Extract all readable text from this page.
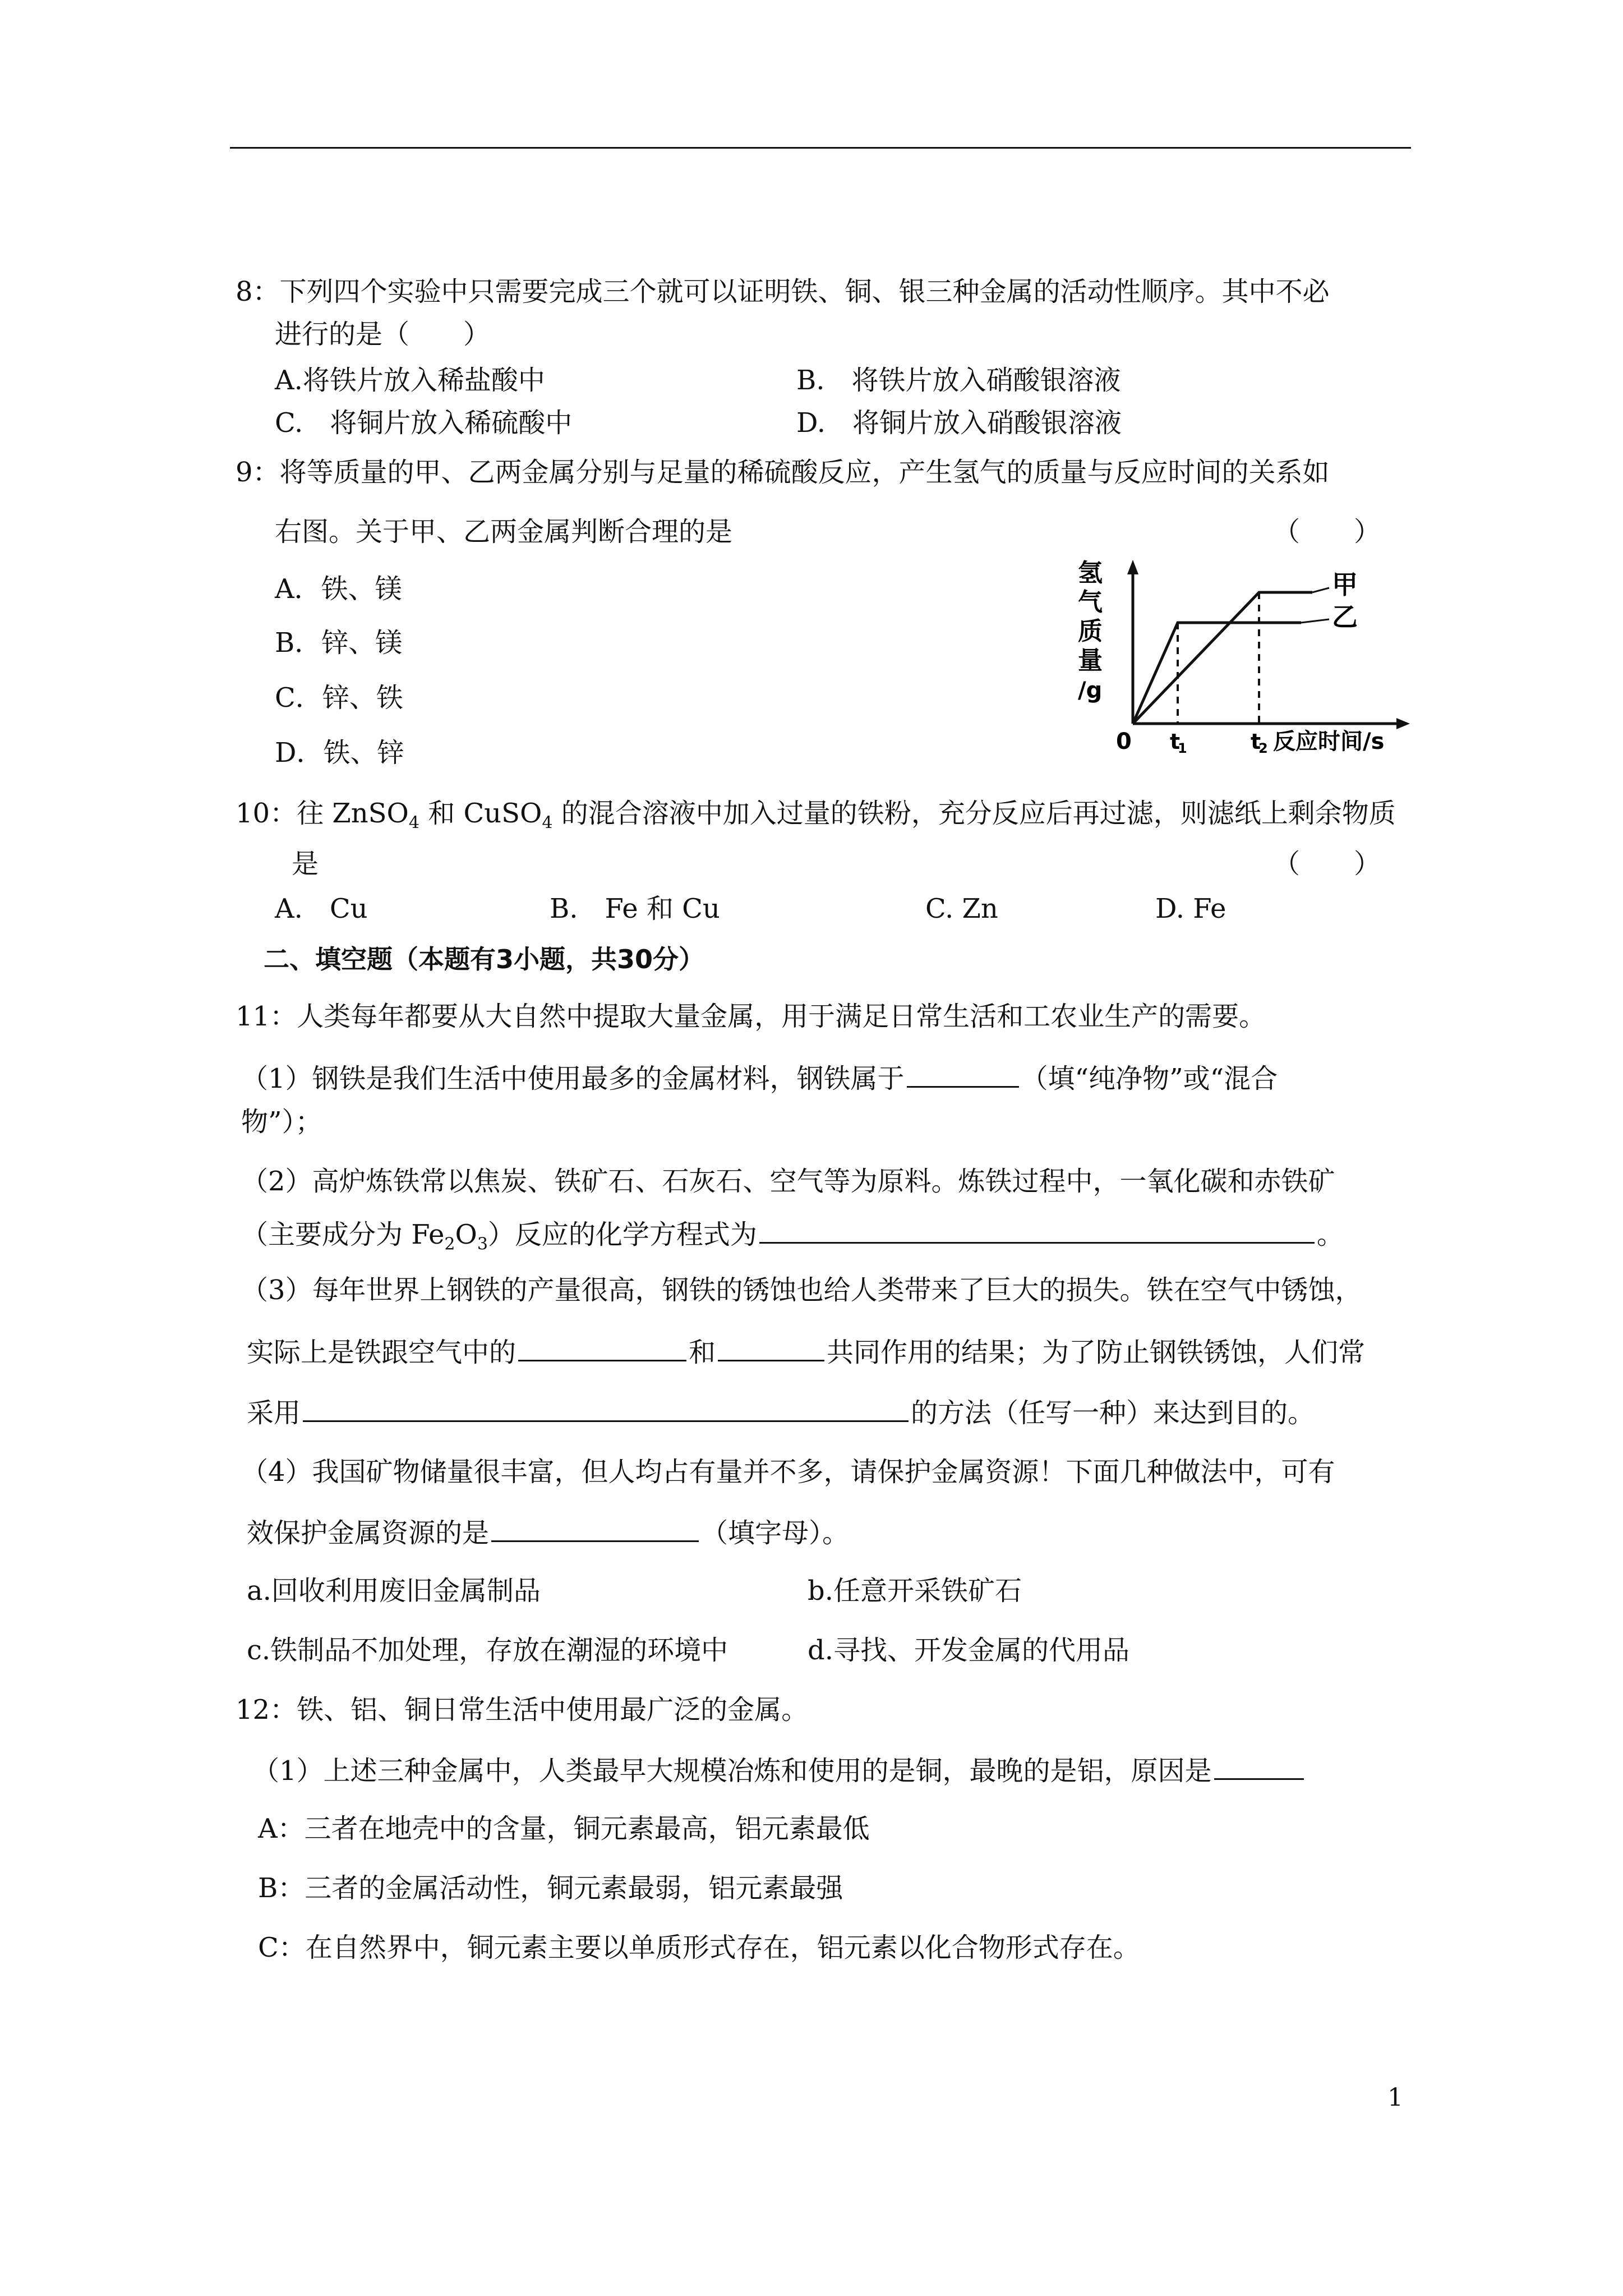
8：下列四个实验中只需要完成三个就可以证明铁、铜、银三种金属的活动性顺序。其中不必
进行的是（　　）
A.将铁片放入稀盐酸中	B.　将铁片放入硝酸银溶液
C.　将铜片放入稀硫酸中	D.　将铜片放入硝酸银溶液
9：将等质量的甲、乙两金属分别与足量的稀硫酸反应，产生氢气的质量与反应时间的关系如
右图。关于甲、乙两金属判断合理的是	（　　）
A．铁、镁
B．锌、镁
C．锌、铁
D．铁、锌
氢
气
质
量
/g
甲
乙
0 t
1	t
2 反应时间/s
10：往 ZnSO$_4$ 和 CuSO$_4$ 的混合溶液中加入过量的铁粉，充分反应后再过滤，则滤纸上剩余物质
是	（　　）
A.　Cu	B.　Fe 和 Cu	C. Zn	D. Fe
二、填空题（本题有3小题，共30分）
11：人类每年都要从大自然中提取大量金属，用于满足日常生活和工农业生产的需要。
（1）钢铁是我们生活中使用最多的金属材料，钢铁属于	（填“纯净物”或“混合
物”）；
（2）高炉炼铁常以焦炭、铁矿石、石灰石、空气等为原料。炼铁过程中，一氧化碳和赤铁矿
（主要成分为 $Fe_2O_3$）反应的化学方程式为	。
（3）每年世界上钢铁的产量很高，钢铁的锈蚀也给人类带来了巨大的损失。铁在空气中锈蚀，
实际上是铁跟空气中的	和	共同作用的结果；为了防止钢铁锈蚀，人们常
采用	的方法（任写一种）来达到目的。
（4）我国矿物储量很丰富，但人均占有量并不多，请保护金属资源！下面几种做法中，可有
效保护金属资源的是	（填字母）。
a.回收利用废旧金属制品	b.任意开采铁矿石
c.铁制品不加处理，存放在潮湿的环境中	d.寻找、开发金属的代用品
12：铁、铝、铜日常生活中使用最广泛的金属。
（1）上述三种金属中，人类最早大规模冶炼和使用的是铜，最晚的是铝，原因是
A：三者在地壳中的含量，铜元素最高，铝元素最低
B：三者的金属活动性，铜元素最弱，铝元素最强
C：在自然界中，铜元素主要以单质形式存在，铝元素以化合物形式存在。
1
